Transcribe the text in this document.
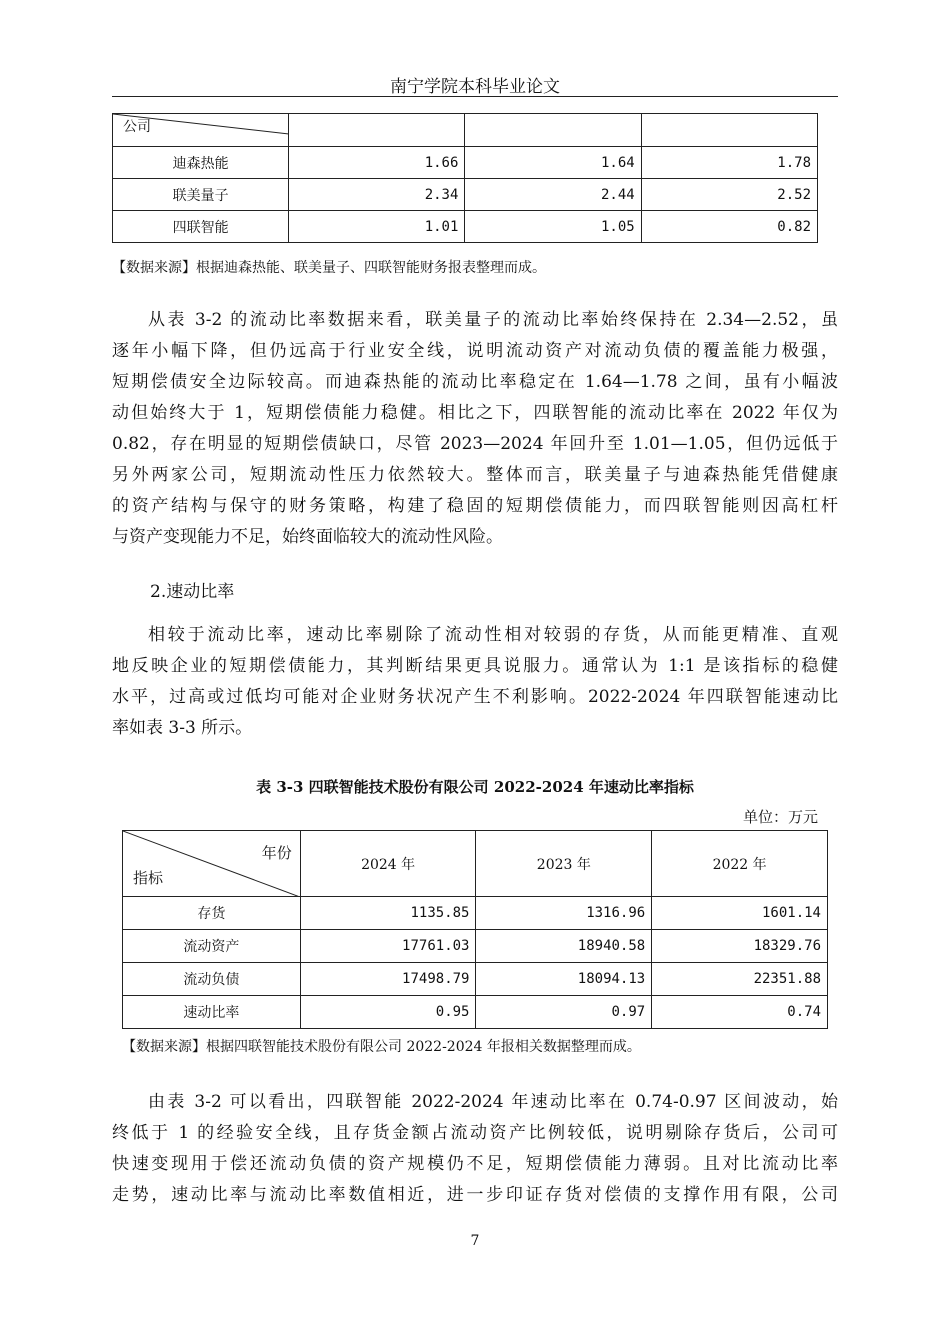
南宁学院本科毕业论文
公司			

迪森热能	1.66	1.64	1.78
联美量子	2.34	2.44	2.52
四联智能	1.01	1.05	0.82
【数据来源】根据迪森热能、联美量子、四联智能财务报表整理而成。
从表 3-2 的流动比率数据来看，联美量子的流动比率始终保持在 2.34—2.52，虽
逐年小幅下降，但仍远高于行业安全线，说明流动资产对流动负债的覆盖能力极强，
短期偿债安全边际较高。而迪森热能的流动比率稳定在 1.64—1.78 之间，虽有小幅波
动但始终大于 1，短期偿债能力稳健。相比之下，四联智能的流动比率在 2022 年仅为
0.82，存在明显的短期偿债缺口，尽管 2023—2024 年回升至 1.01—1.05，但仍远低于
另外两家公司，短期流动性压力依然较大。整体而言，联美量子与迪森热能凭借健康
的资产结构与保守的财务策略，构建了稳固的短期偿债能力，而四联智能则因高杠杆
与资产变现能力不足，始终面临较大的流动性风险。
2.速动比率
相较于流动比率，速动比率剔除了流动性相对较弱的存货，从而能更精准、直观
地反映企业的短期偿债能力，其判断结果更具说服力。通常认为 1:1 是该指标的稳健
水平，过高或过低均可能对企业财务状况产生不利影响。2022-2024 年四联智能速动比
率如表 3-3 所示。
表 3-3 四联智能技术股份有限公司 2022-2024 年速动比率指标
单位：万元
年份
指标	2024 年	2023 年	2022 年
存货	1135.85	1316.96	1601.14
流动资产	17761.03	18940.58	18329.76
流动负债	17498.79	18094.13	22351.88
速动比率	0.95	0.97	0.74
【数据来源】根据四联智能技术股份有限公司 2022-2024 年报相关数据整理而成。
由表 3-2 可以看出，四联智能 2022-2024 年速动比率在 0.74-0.97 区间波动，始
终低于 1 的经验安全线，且存货金额占流动资产比例较低，说明剔除存货后，公司可
快速变现用于偿还流动负债的资产规模仍不足，短期偿债能力薄弱。且对比流动比率
走势，速动比率与流动比率数值相近，进一步印证存货对偿债的支撑作用有限，公司
7
